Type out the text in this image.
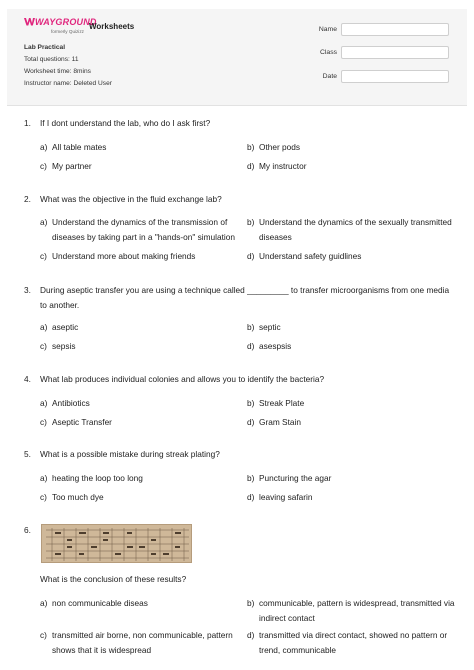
WAYGROUND
formerly Quizizz
Worksheets
Lab Practical
Total questions: 11
Worksheet time: 8mins
Instructor name: Deleted User
Name
Class
Date
1.	If I dont understand the lab, who do I ask first?
a) All table mates	b) Other pods
c) My partner	d) My instructor
2.	What was the objective in the fluid exchange lab?
a) Understand the dynamics of the transmission of diseases by taking part in a "hands-on" simulation
b) Understand the dynamics of the sexually transmitted diseases
c) Understand more about making friends	d) Understand safety guidlines
3.	During aseptic transfer you are using a technique called _________ to transfer microorganisms from one media to another.
a) aseptic	b) septic
c) sepsis	d) asespsis
4.	What lab produces individual colonies and allows you to identify the bacteria?
a) Antibiotics	b) Streak Plate
c) Aseptic Transfer	d) Gram Stain
5.	What is a possible mistake during streak plating?
a) heating the loop too long	b) Puncturing the agar
c) Too much dye	d) leaving safarin
6.
What is the conclusion of these results?
a) non communicable diseas	b) communicable, pattern is widespread, transmitted via indirect contact
c) transmitted air borne, non communicable, pattern shows that it is widespread
d) transmitted via direct contact, showed no pattern or trend, communicable
